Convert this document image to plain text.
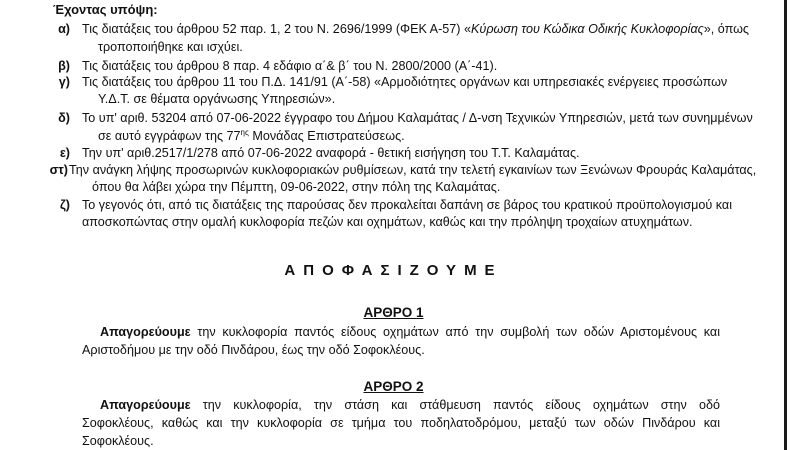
Έχοντας υπόψη:
α) Τις διατάξεις του άρθρου 52 παρ. 1, 2 του Ν. 2696/1999 (ΦΕΚ Α-57) «Κύρωση του Κώδικα Οδικής Κυκλοφορίας», όπως
τροποποιήθηκε και ισχύει.
β) Τις διατάξεις του άρθρου 8 παρ. 4 εδάφιο α΄& β΄ του Ν. 2800/2000 (Α΄-41).
γ) Τις διατάξεις του άρθρου 11 του Π.Δ. 141/91 (Α΄-58) «Αρμοδιότητες οργάνων και υπηρεσιακές ενέργειες προσώπων
Υ.Δ.Τ. σε θέματα οργάνωσης Υπηρεσιών».
δ) Το υπ' αριθ. 53204 από 07-06-2022 έγγραφο του Δήμου Καλαμάτας / Δ-νση Τεχνικών Υπηρεσιών, μετά των συνημμένων
σε αυτό εγγράφων της $77^{\eta\varsigma}$ Μονάδας Επιστρατεύσεως.
ε) Την υπ' αριθ.2517/1/278 από 07-06-2022 αναφορά - θετική εισήγηση του Τ.Τ. Καλαμάτας.
στ) Την ανάγκη λήψης προσωρινών κυκλοφοριακών ρυθμίσεων, κατά την τελετή εγκαινίων των Ξενώνων Φρουράς Καλαμάτας,
όπου θα λάβει χώρα την Πέμπτη, 09-06-2022, στην πόλη της Καλαμάτας.
ζ) Το γεγονός ότι, από τις διατάξεις της παρούσας δεν προκαλείται δαπάνη σε βάρος του κρατικού προϋπολογισμού και
αποσκοπώντας στην ομαλή κυκλοφορία πεζών και οχημάτων, καθώς και την πρόληψη τροχαίων ατυχημάτων.
ΑΠΟΦΑΣΙΖΟΥΜΕ
ΑΡΘΡΟ 1
Απαγορεύουμε την κυκλοφορία παντός είδους οχημάτων από την συμβολή των οδών Αριστομένους και
Αριστοδήμου με την οδό Πινδάρου, έως την οδό Σοφοκλέους.
ΑΡΘΡΟ 2
Απαγορεύουμε την κυκλοφορία, την στάση και στάθμευση παντός είδους οχημάτων στην οδό
Σοφοκλέους, καθώς και την κυκλοφορία σε τμήμα του ποδηλατοδρόμου, μεταξύ των οδών Πινδάρου και
Σοφοκλέους.
